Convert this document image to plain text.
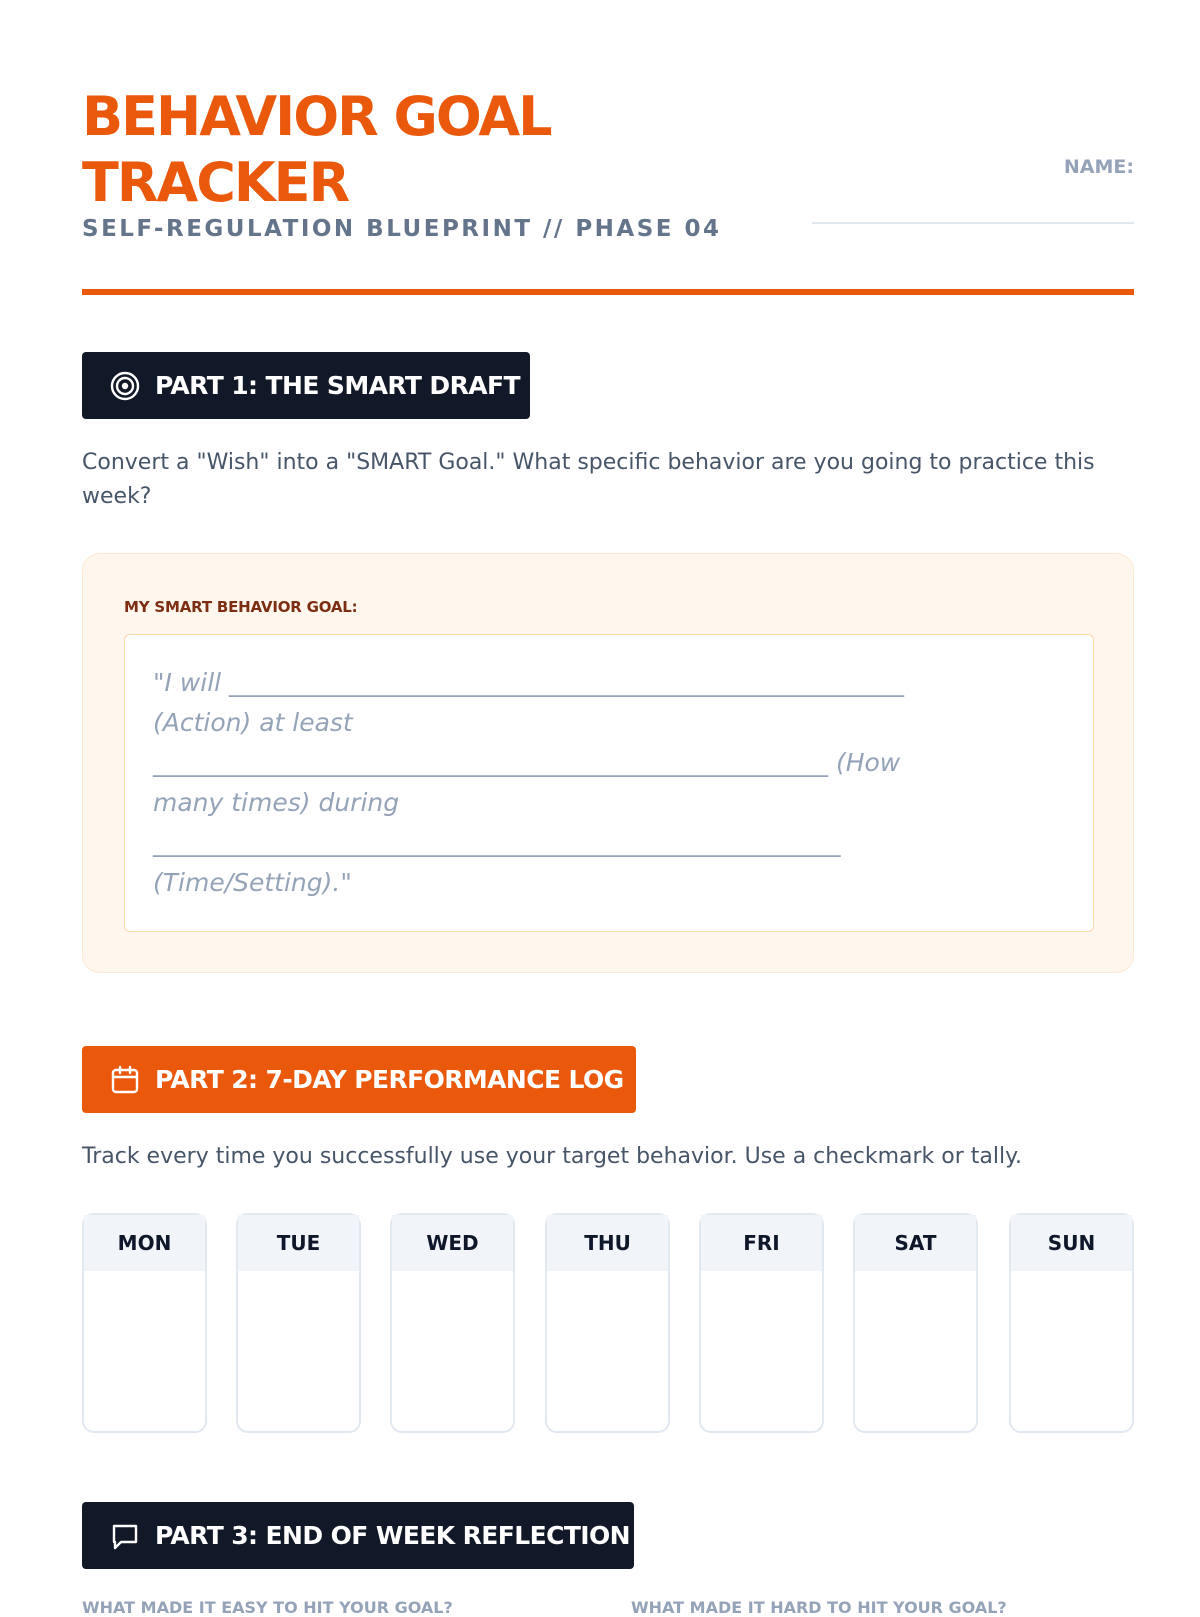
BEHAVIOR GOAL TRACKER
SELF-REGULATION BLUEPRINT // PHASE 04
NAME:
PART 1: THE SMART DRAFT

Convert a "Wish" into a "SMART Goal." What specific behavior are you going to practice this week?

MY SMART BEHAVIOR GOAL:
"I will ______________________________________________________
(Action) at least
______________________________________________________ (How
many times) during
_______________________________________________________
(Time/Setting)."
PART 2: 7-DAY PERFORMANCE LOG

Track every time you successfully use your target behavior. Use a checkmark or tally.

MON	TUE	WED	THU	FRI	SAT	SUN
PART 3: END OF WEEK REFLECTION
WHAT MADE IT EASY TO HIT YOUR GOAL?	WHAT MADE IT HARD TO HIT YOUR GOAL?
